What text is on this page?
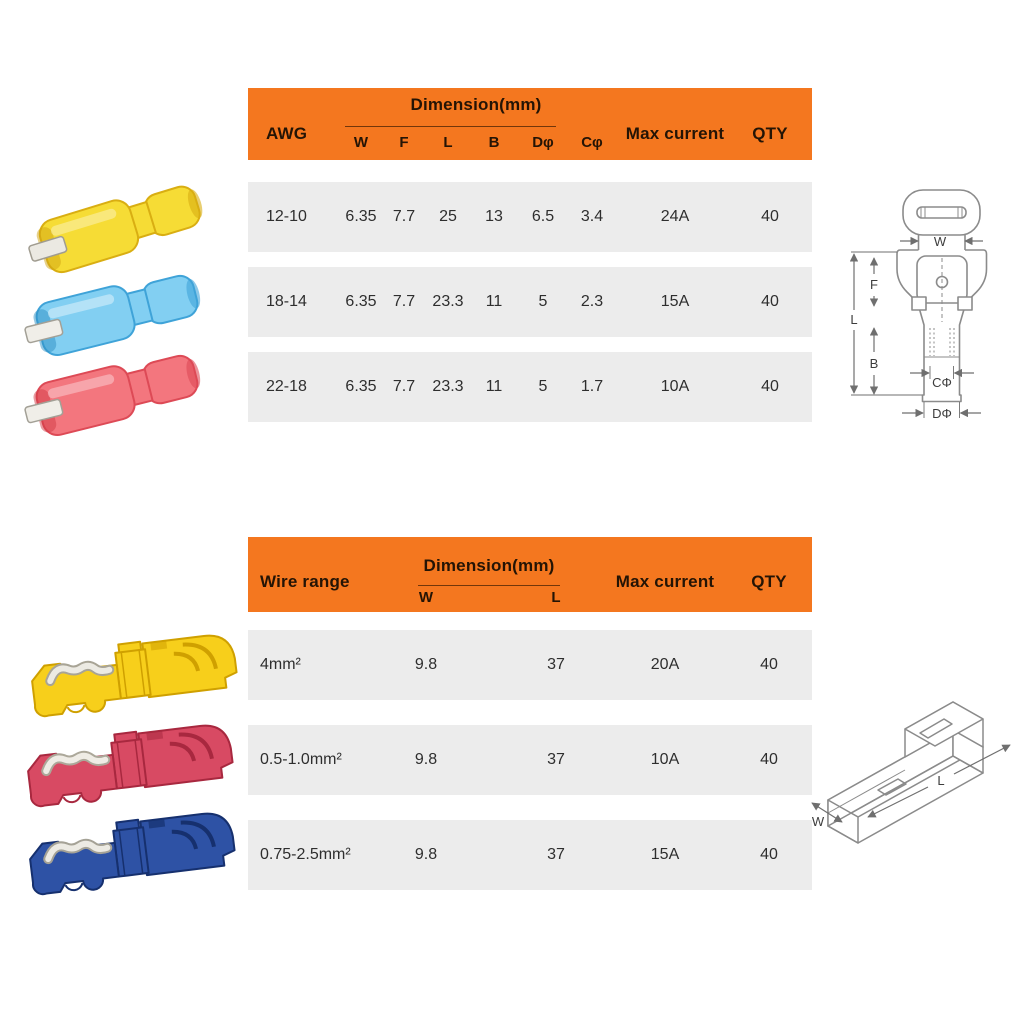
AWG
Dimension(mm)
W F L B Dφ Cφ Max current QTY
12-10 6.35 7.7 25 13 6.5 3.4	24A	40
18-14 6.35 7.7 23.3 11 5 2.3	15A	40
22-18 6.35 7.7 23.3 11 5 1.7	10A	40
W
F
L
B
CΦ
DΦ
Wire range
Dimension(mm)
W	L
Max current QTY
4mm²	9.8	37	20A	40
0.5-1.0mm²	9.8	37	10A	40
0.75-2.5mm²	9.8	37	15A	40
L
W
